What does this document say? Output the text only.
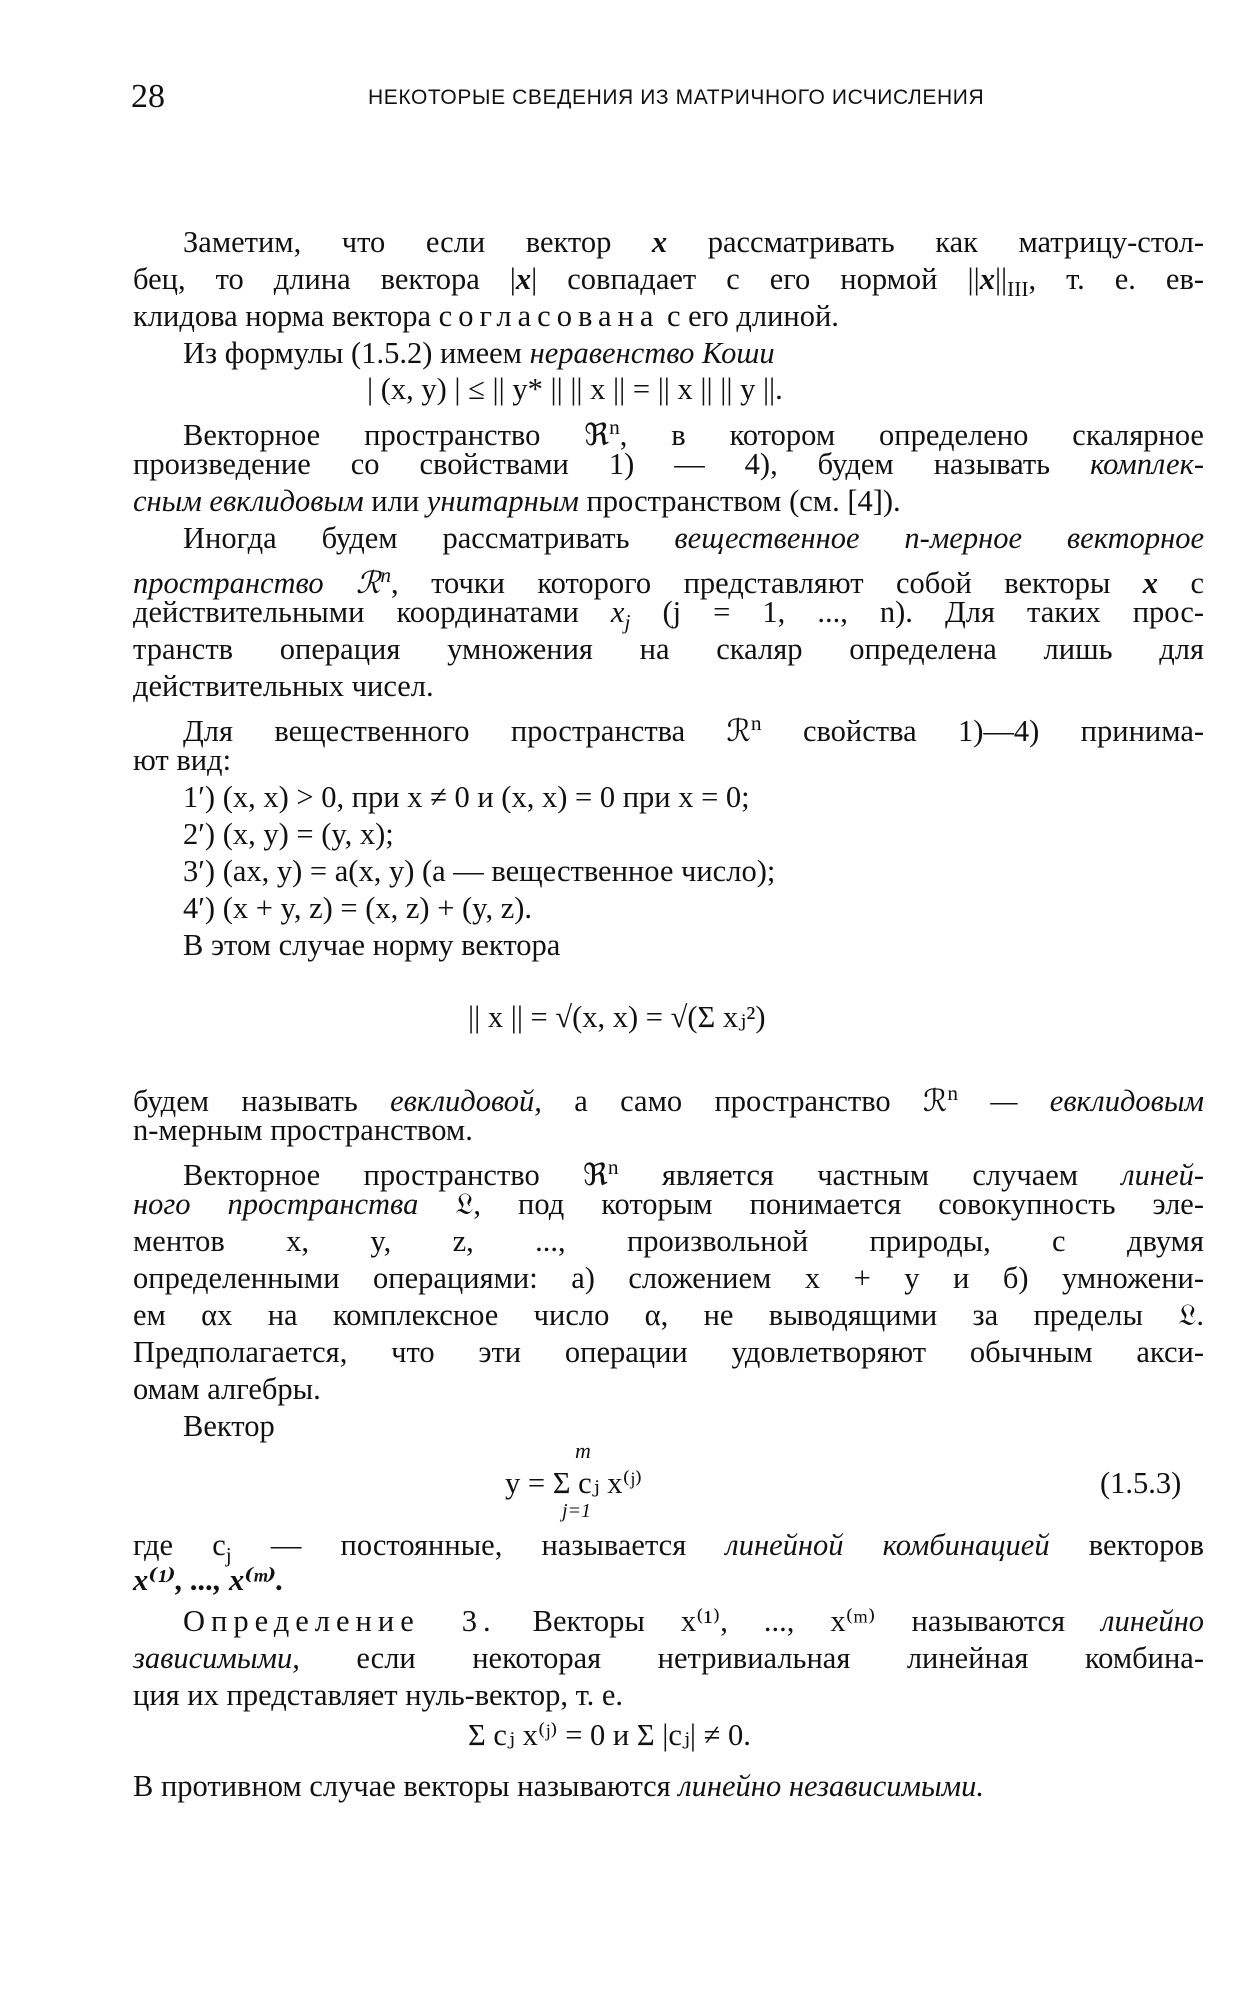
28	НЕКОТОРЫЕ СВЕДЕНИЯ ИЗ МАТРИЧНОГО ИСЧИСЛЕНИЯ
Заметим, что если вектор x рассматривать как матрицу-стол-
бец, то длина вектора |x| совпадает с его нормой $||x||_{III}$, т. е. ев-
клидова норма вектора согласована с его длиной.
Из формулы (1.5.2) имеем неравенство Коши
| (x, y) | ≤ || y* || || x || = || x || || y ||.
Векторное пространство ℜ$^n$, в котором определено скалярное
произведение со свойствами 1) — 4), будем называть комплек-
сным евклидовым или унитарным пространством (см. [4]).
Иногда будем рассматривать вещественное n-мерное векторное
пространство ℛ$^n$, точки которого представляют собой векторы x с
действительными координатами $x_j$ (j = 1, ..., n). Для таких прос-
транств операция умножения на скаляр определена лишь для
действительных чисел.
Для вещественного пространства ℛ$^n$ свойства 1)—4) принима-
ют вид:
1′) (x, x) > 0, при x ≠ 0 и (x, x) = 0 при x = 0;
2′) (x, y) = (y, x);
3′) (ax, y) = a(x, y) (a — вещественное число);
4′) (x + y, z) = (x, z) + (y, z).
В этом случае норму вектора
|| x || = √(x, x) = √(Σ xⱼ²)
будем называть евклидовой, а само пространство ℛ$^n$ — евклидовым
n-мерным пространством.
Векторное пространство ℜ$^n$ является частным случаем линей-
ного пространства 𝔏, под которым понимается совокупность эле-
ментов x, y, z, ..., произвольной природы, с двумя
определенными операциями: а) сложением x + y и б) умножени-
ем αx на комплексное число α, не выводящими за пределы 𝔏.
Предполагается, что эти операции удовлетворяют обычным акси-
омам алгебры.
Вектор
m
y = Σ cⱼ x⁽ʲ⁾
j=1
(1.5.3)
где $c_j$ — постоянные, называется линейной комбинацией векторов
x⁽¹⁾, ..., x⁽ᵐ⁾.
Определение 3. Векторы x⁽¹⁾, ..., x⁽ᵐ⁾ называются линейно
зависимыми, если некоторая нетривиальная линейная комбина-
ция их представляет нуль-вектор, т. е.
Σ cⱼ x⁽ʲ⁾ = 0 и Σ |cⱼ| ≠ 0.
В противном случае векторы называются линейно независимыми.
